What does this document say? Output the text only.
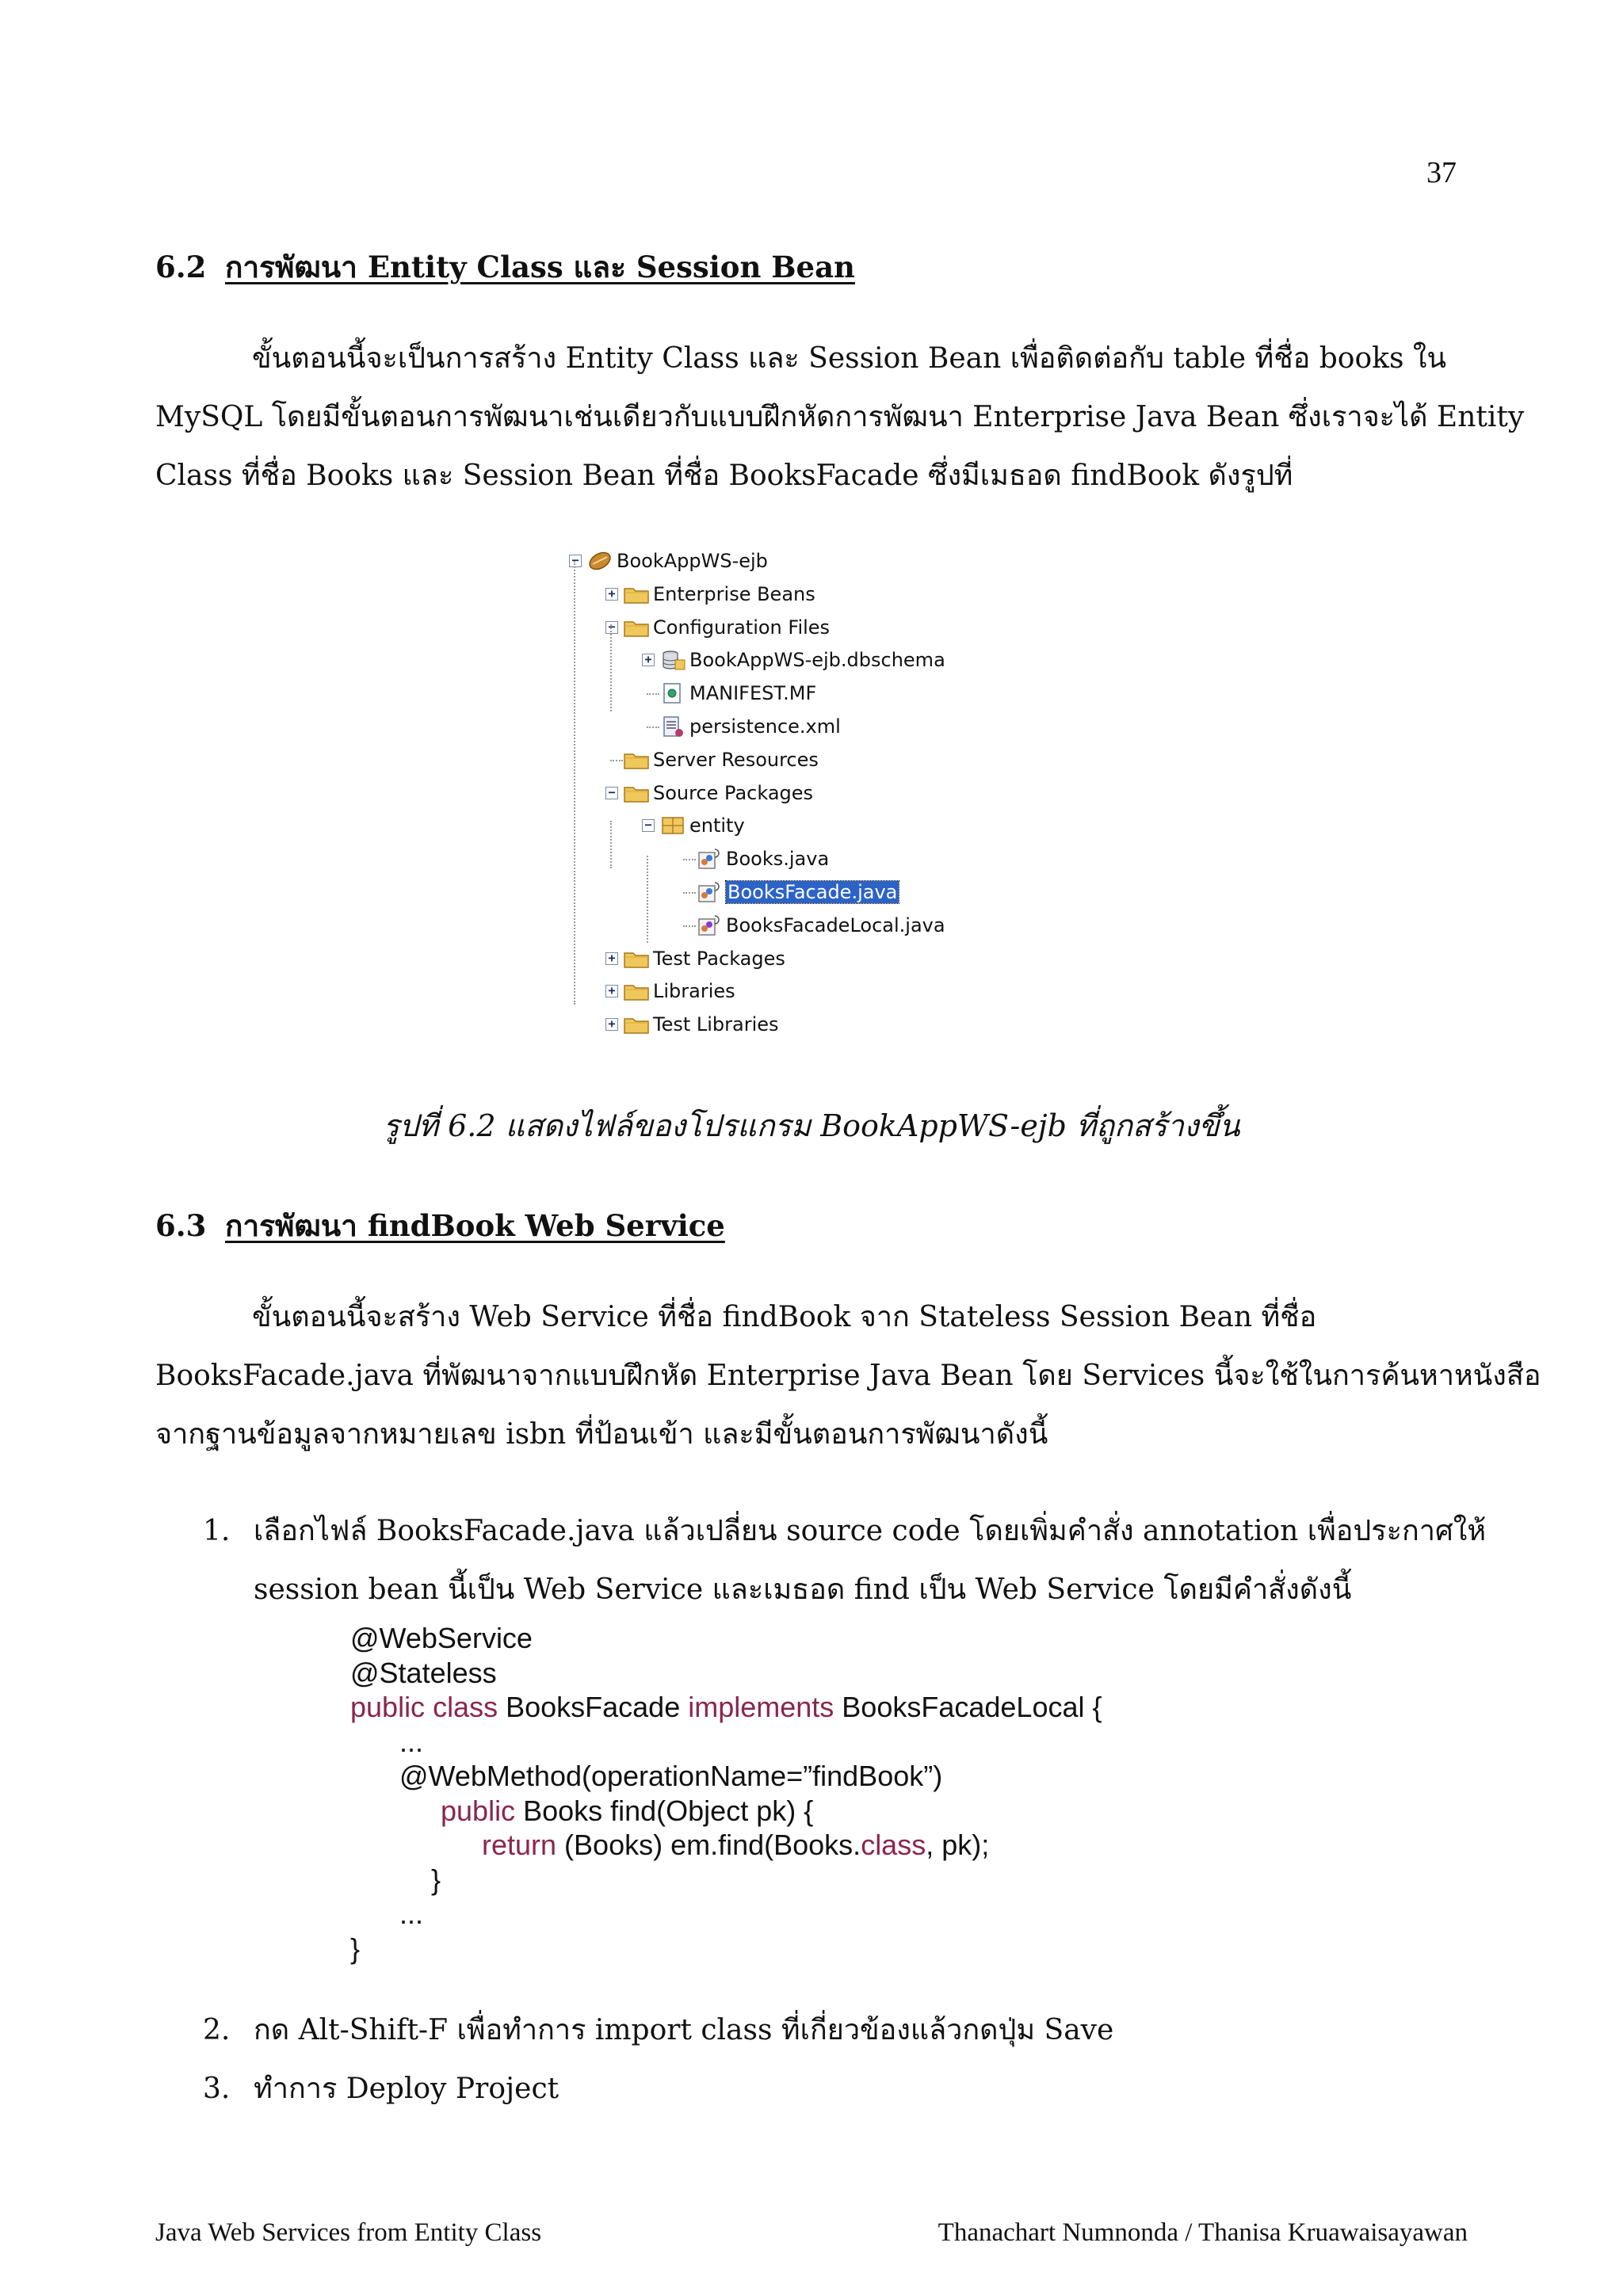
37
6.2 การพัฒนา Entity Class และ Session Bean
ขั้นตอนนี้จะเป็นการสร้าง Entity Class และ Session Bean เพื่อติดต่อกับ table ที่ชื่อ books ใน
MySQL โดยมีขั้นตอนการพัฒนาเช่นเดียวกับแบบฝึกหัดการพัฒนา Enterprise Java Bean ซึ่งเราจะได้ Entity
Class ที่ชื่อ Books และ Session Bean ที่ชื่อ BooksFacade ซึ่งมีเมธอด findBook ดังรูปที่
− BookAppWS-ejb
+ Enterprise Beans
− Configuration Files
+ BookAppWS-ejb.dbschema
MANIFEST.MF
persistence.xml
Server Resources
− Source Packages
− entity
Books.java
BooksFacade.java
BooksFacadeLocal.java
+ Test Packages
+ Libraries
+ Test Libraries
รูปที่ 6.2 แสดงไฟล์ของโปรแกรม BookAppWS-ejb ที่ถูกสร้างขึ้น
6.3 การพัฒนา findBook Web Service
ขั้นตอนนี้จะสร้าง Web Service ที่ชื่อ findBook จาก Stateless Session Bean ที่ชื่อ
BooksFacade.java ที่พัฒนาจากแบบฝึกหัด Enterprise Java Bean โดย Services นี้จะใช้ในการค้นหาหนังสือ
จากฐานข้อมูลจากหมายเลข isbn ที่ป้อนเข้า และมีขั้นตอนการพัฒนาดังนี้
1. เลือกไฟล์ BooksFacade.java แล้วเปลี่ยน source code โดยเพิ่มคำสั่ง annotation เพื่อประกาศให้
session bean นี้เป็น Web Service และเมธอด find เป็น Web Service โดยมีคำสั่งดังนี้
@WebService
@Stateless
public class BooksFacade implements BooksFacadeLocal {
...
@WebMethod(operationName=”findBook”)
public Books find(Object pk) {
return (Books) em.find(Books.class, pk);
}
...
}
2. กด Alt-Shift-F เพื่อทำการ import class ที่เกี่ยวข้องแล้วกดปุ่ม Save
3. ทำการ Deploy Project
Java Web Services from Entity Class	Thanachart Numnonda / Thanisa Kruawaisayawan
